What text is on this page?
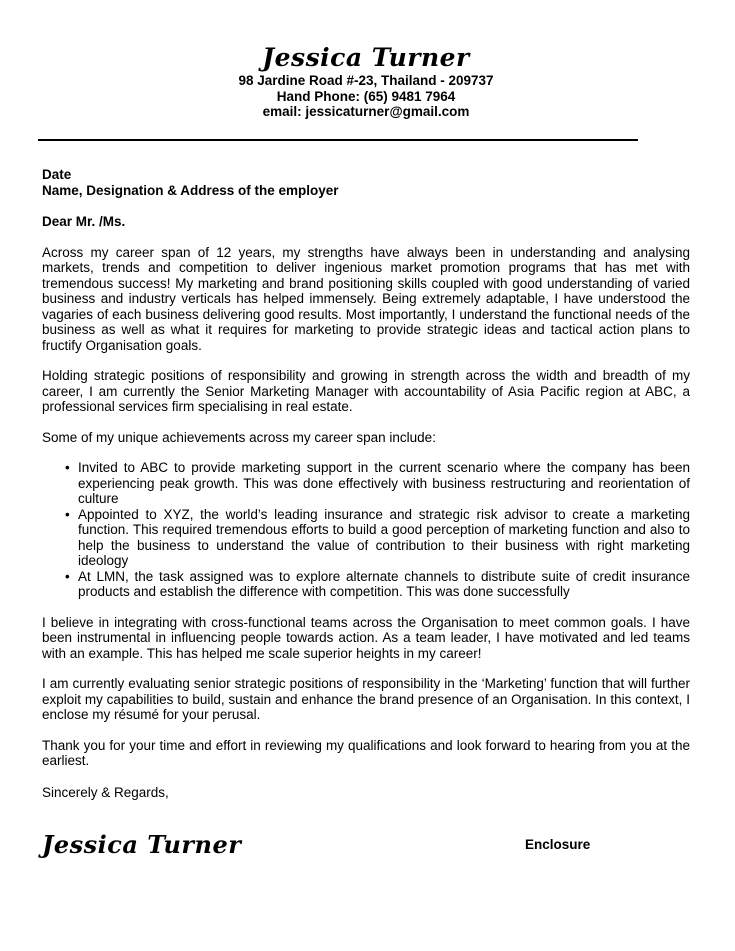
Jessica Turner
98 Jardine Road #-23, Thailand - 209737
Hand Phone: (65) 9481 7964
email: jessicaturner@gmail.com
Date
Name, Designation & Address of the employer
Dear Mr. /Ms.

Across my career span of 12 years, my strengths have always been in understanding and analysing markets, trends and competition to deliver ingenious market promotion programs that has met with tremendous success! My marketing and brand positioning skills coupled with good understanding of varied business and industry verticals has helped immensely. Being extremely adaptable, I have understood the vagaries of each business delivering good results. Most importantly, I understand the functional needs of the business as well as what it requires for marketing to provide strategic ideas and tactical action plans to fructify Organisation goals.

Holding strategic positions of responsibility and growing in strength across the width and breadth of my career, I am currently the Senior Marketing Manager with accountability of Asia Pacific region at ABC, a professional services firm specialising in real estate.

Some of my unique achievements across my career span include:

• Invited to ABC to provide marketing support in the current scenario where the company has been experiencing peak growth. This was done effectively with business restructuring and reorientation of culture
• Appointed to XYZ, the world’s leading insurance and strategic risk advisor to create a marketing function. This required tremendous efforts to build a good perception of marketing function and also to help the business to understand the value of contribution to their business with right marketing ideology
• At LMN, the task assigned was to explore alternate channels to distribute suite of credit insurance products and establish the difference with competition. This was done successfully

I believe in integrating with cross-functional teams across the Organisation to meet common goals. I have been instrumental in influencing people towards action. As a team leader, I have motivated and led teams with an example. This has helped me scale superior heights in my career!

I am currently evaluating senior strategic positions of responsibility in the ‘Marketing’ function that will further exploit my capabilities to build, sustain and enhance the brand presence of an Organisation. In this context, I enclose my résumé for your perusal.

Thank you for your time and effort in reviewing my qualifications and look forward to hearing from you at the earliest.

Sincerely & Regards,
Jessica Turner	Enclosure
